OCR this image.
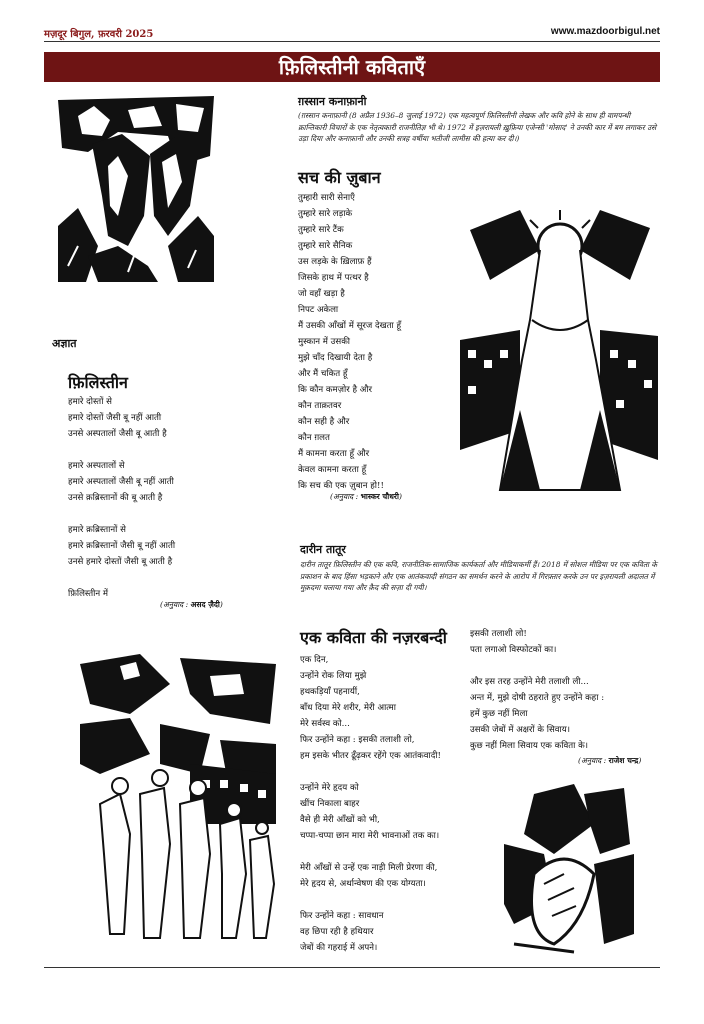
मज़दूर बिगुल, फ़रवरी 2025	www.mazdoorbigul.net
फ़िलिस्तीनी कविताएँ
अज्ञात
फ़िलिस्तीन
हमारे दोस्तों से
हमारे दोस्तों जैसी बू नहीं आती
उनसे अस्पतालों जैसी बू आती है
हमारे अस्पतालों से
हमारे अस्पतालों जैसी बू नहीं आती
उनसे क़ब्रिस्तानों की बू आती है
हमारे क़ब्रिस्तानों से
हमारे क़ब्रिस्तानों जैसी बू नहीं आती
उनसे हमारे दोस्तों जैसी बू आती है
फ़िलिस्तीन में
(अनुवाद : असद ज़ैदी)
ग़स्सान कनाफ़ानी
(ग़स्सान कनाफ़ानी (8 अप्रैल 1936–8 जुलाई 1972) एक महत्वपूर्ण फ़िलिस्तीनी लेखक और कवि होने के साथ ही वामपन्थी क्रान्तिकारी विचारों के एक नेतृत्वकारी राजनीतिज्ञ भी थे। 1972 में इज़रायली ख़ुफ़िया एजेन्सी 'मोसाद' ने उनकी कार में बम लगाकर उसे उड़ा दिया और कनाफ़ानी और उनकी सत्रह वर्षीया भतीजी लामीस की हत्या कर दी।)
सच की ज़ुबान
तुम्हारी सारी सेनाएँ
तुम्हारे सारे लड़ाके
तुम्हारे सारे टैंक
तुम्हारे सारे सैनिक
उस लड़के के ख़िलाफ़ हैं
जिसके हाथ में पत्थर है
जो वहाँ खड़ा है
निपट अकेला
मैं उसकी आँखों में सूरज देखता हूँ
मुस्कान में उसकी
मुझे चाँद दिखायी देता है
और मैं चकित हूँ
कि कौन कमज़ोर है और
कौन ताक़तवर
कौन सही है और
कौन ग़लत
मैं कामना करता हूँ और
केवल कामना करता हूँ
कि सच की एक ज़ुबान हो!!
(अनुवाद : भास्कर चौधरी)
दारीन तातूर
दारीन तातूर फ़िलिस्तीन की एक कवि, राजनीतिक-सामाजिक कार्यकर्ता और मीडियाकर्मी हैं। 2018 में सोशल मीडिया पर एक कविता के प्रकाशन के बाद हिंसा भड़काने और एक आतंकवादी संगठन का समर्थन करने के आरोप में गिरफ़्तार करके उन पर इज़रायली अदालत में मुक़दमा चलाया गया और क़ैद की सज़ा दी गयी।
एक कविता की नज़रबन्दी
एक दिन,
उन्होंने रोक लिया मुझे
हथकड़ियाँ पहनायीं,
बाँध दिया मेरे शरीर, मेरी आत्मा
मेरे सर्वस्व को...
फिर उन्होंने कहा : इसकी तलाशी लो,
हम इसके भीतर ढूँढ़कर रहेंगे एक आतंकवादी!
उन्होंने मेरे हृदय को
खींच निकाला बाहर
वैसे ही मेरी आँखों को भी,
चप्पा-चप्पा छान मारा मेरी भावनाओं तक का।
मेरी आँखों से उन्हें एक नाड़ी मिली प्रेरणा की,
मेरे हृदय से, अर्थान्वेषण की एक योग्यता।
फिर उन्होंने कहा : सावधान
वह छिपा रही है हथियार
जेबों की गहराई में अपने।
इसकी तलाशी लो!
पता लगाओ विस्फोटकों का।
और इस तरह उन्होंने मेरी तलाशी ली...
अन्त में, मुझे दोषी ठहराते हुए उन्होंने कहा :
हमें कुछ नहीं मिला
उसकी जेबों में अक्षरों के सिवाय।
कुछ नहीं मिला सिवाय एक कविता के।
(अनुवाद : राजेश चन्द्र)
